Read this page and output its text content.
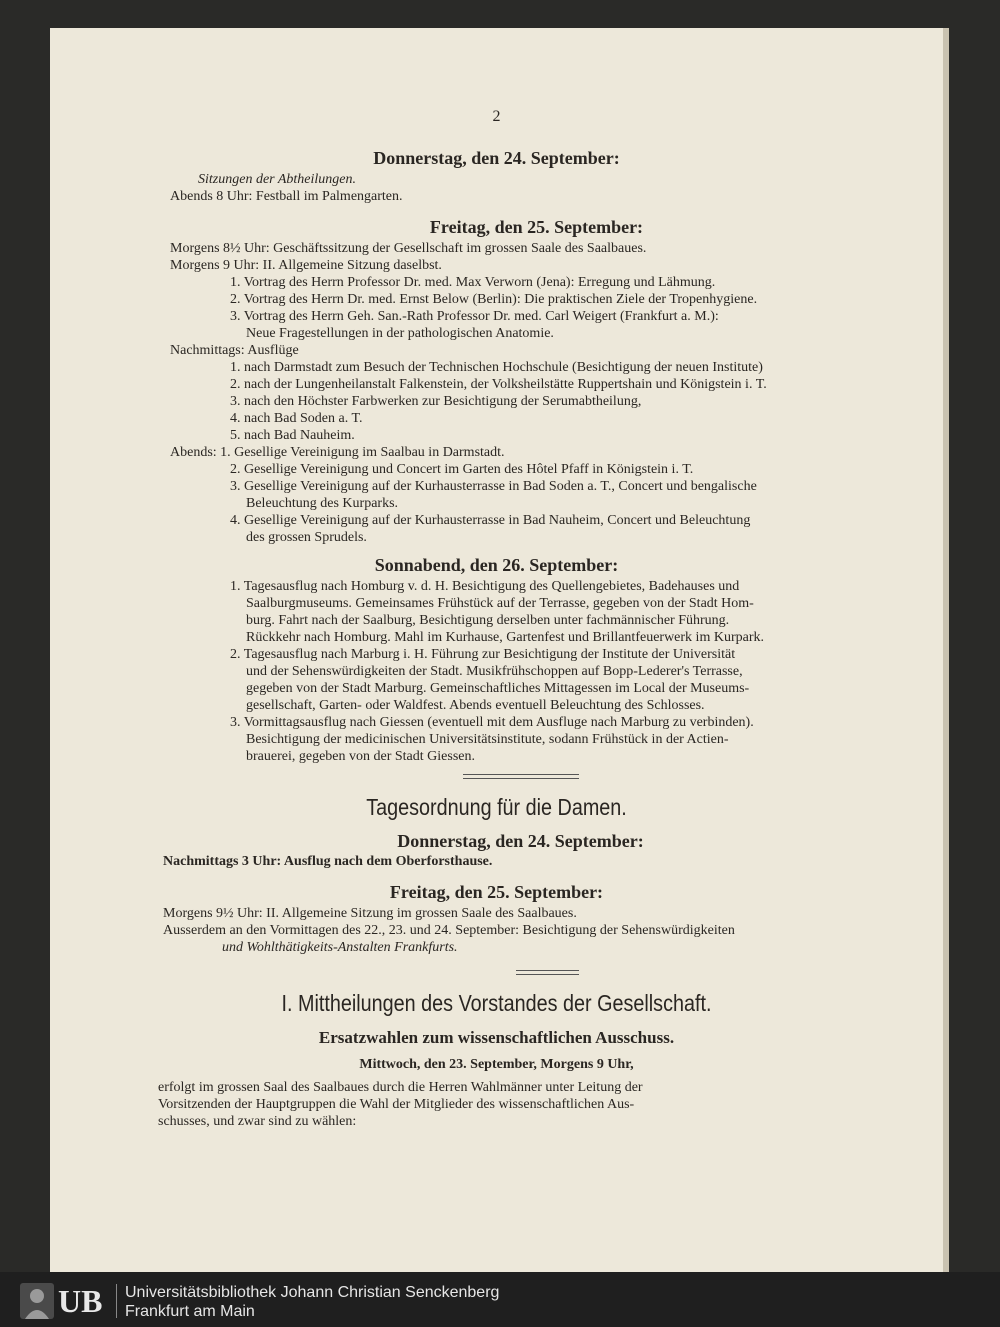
2
Donnerstag, den 24. September:
Sitzungen der Abtheilungen.
Abends 8 Uhr: Festball im Palmengarten.
Freitag, den 25. September:
Morgens 8½ Uhr: Geschäftssitzung der Gesellschaft im grossen Saale des Saalbaues.
Morgens 9 Uhr: II. Allgemeine Sitzung daselbst.
1. Vortrag des Herrn Professor Dr. med. Max Verworn (Jena): Erregung und Lähmung.
2. Vortrag des Herrn Dr. med. Ernst Below (Berlin): Die praktischen Ziele der Tropenhygiene.
3. Vortrag des Herrn Geh. San.-Rath Professor Dr. med. Carl Weigert (Frankfurt a. M.):
Neue Fragestellungen in der pathologischen Anatomie.
Nachmittags: Ausflüge
1. nach Darmstadt zum Besuch der Technischen Hochschule (Besichtigung der neuen Institute)
2. nach der Lungenheilanstalt Falkenstein, der Volksheilstätte Ruppertshain und Königstein i. T.
3. nach den Höchster Farbwerken zur Besichtigung der Serumabtheilung,
4. nach Bad Soden a. T.
5. nach Bad Nauheim.
Abends: 1. Gesellige Vereinigung im Saalbau in Darmstadt.
2. Gesellige Vereinigung und Concert im Garten des Hôtel Pfaff in Königstein i. T.
3. Gesellige Vereinigung auf der Kurhausterrasse in Bad Soden a. T., Concert und bengalische
Beleuchtung des Kurparks.
4. Gesellige Vereinigung auf der Kurhausterrasse in Bad Nauheim, Concert und Beleuchtung
des grossen Sprudels.
Sonnabend, den 26. September:
1. Tagesausflug nach Homburg v. d. H. Besichtigung des Quellengebietes, Badehauses und
Saalburgmuseums. Gemeinsames Frühstück auf der Terrasse, gegeben von der Stadt Hom-
burg. Fahrt nach der Saalburg, Besichtigung derselben unter fachmännischer Führung.
Rückkehr nach Homburg. Mahl im Kurhause, Gartenfest und Brillantfeuerwerk im Kurpark.
2. Tagesausflug nach Marburg i. H. Führung zur Besichtigung der Institute der Universität
und der Sehenswürdigkeiten der Stadt. Musikfrühschoppen auf Bopp-Lederer's Terrasse,
gegeben von der Stadt Marburg. Gemeinschaftliches Mittagessen im Local der Museums-
gesellschaft, Garten- oder Waldfest. Abends eventuell Beleuchtung des Schlosses.
3. Vormittagsausflug nach Giessen (eventuell mit dem Ausfluge nach Marburg zu verbinden).
Besichtigung der medicinischen Universitätsinstitute, sodann Frühstück in der Actien-
brauerei, gegeben von der Stadt Giessen.
Tagesordnung für die Damen.
Donnerstag, den 24. September:
Nachmittags 3 Uhr: Ausflug nach dem Oberforsthause.
Freitag, den 25. September:
Morgens 9½ Uhr: II. Allgemeine Sitzung im grossen Saale des Saalbaues.
Ausserdem an den Vormittagen des 22., 23. und 24. September: Besichtigung der Sehenswürdigkeiten
und Wohlthätigkeits-Anstalten Frankfurts.
I. Mittheilungen des Vorstandes der Gesellschaft.
Ersatzwahlen zum wissenschaftlichen Ausschuss.
Mittwoch, den 23. September, Morgens 9 Uhr,
erfolgt im grossen Saal des Saalbaues durch die Herren Wahlmänner unter Leitung der
Vorsitzenden der Hauptgruppen die Wahl der Mitglieder des wissenschaftlichen Aus-
schusses, und zwar sind zu wählen:
UB Universitätsbibliothek Johann Christian Senckenberg
Frankfurt am Main
